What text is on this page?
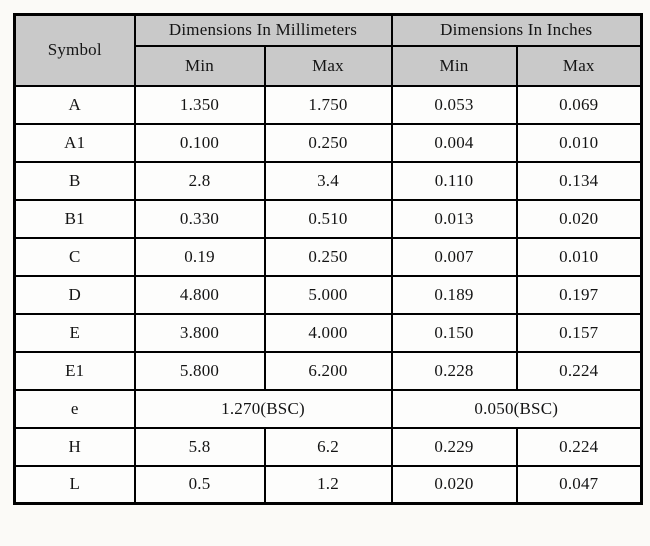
Symbol	Dimensions In Millimeters		Dimensions In Inches	
	Min	Max	Min	Max
A	1.350	1.750	0.053	0.069
A1	0.100	0.250	0.004	0.010
B	2.8	3.4	0.110	0.134
B1	0.330	0.510	0.013	0.020
C	0.19	0.250	0.007	0.010
D	4.800	5.000	0.189	0.197
E	3.800	4.000	0.150	0.157
E1	5.800	6.200	0.228	0.224
e	1.270(BSC)		0.050(BSC)	
H	5.8	6.2	0.229	0.224
L	0.5	1.2	0.020	0.047
